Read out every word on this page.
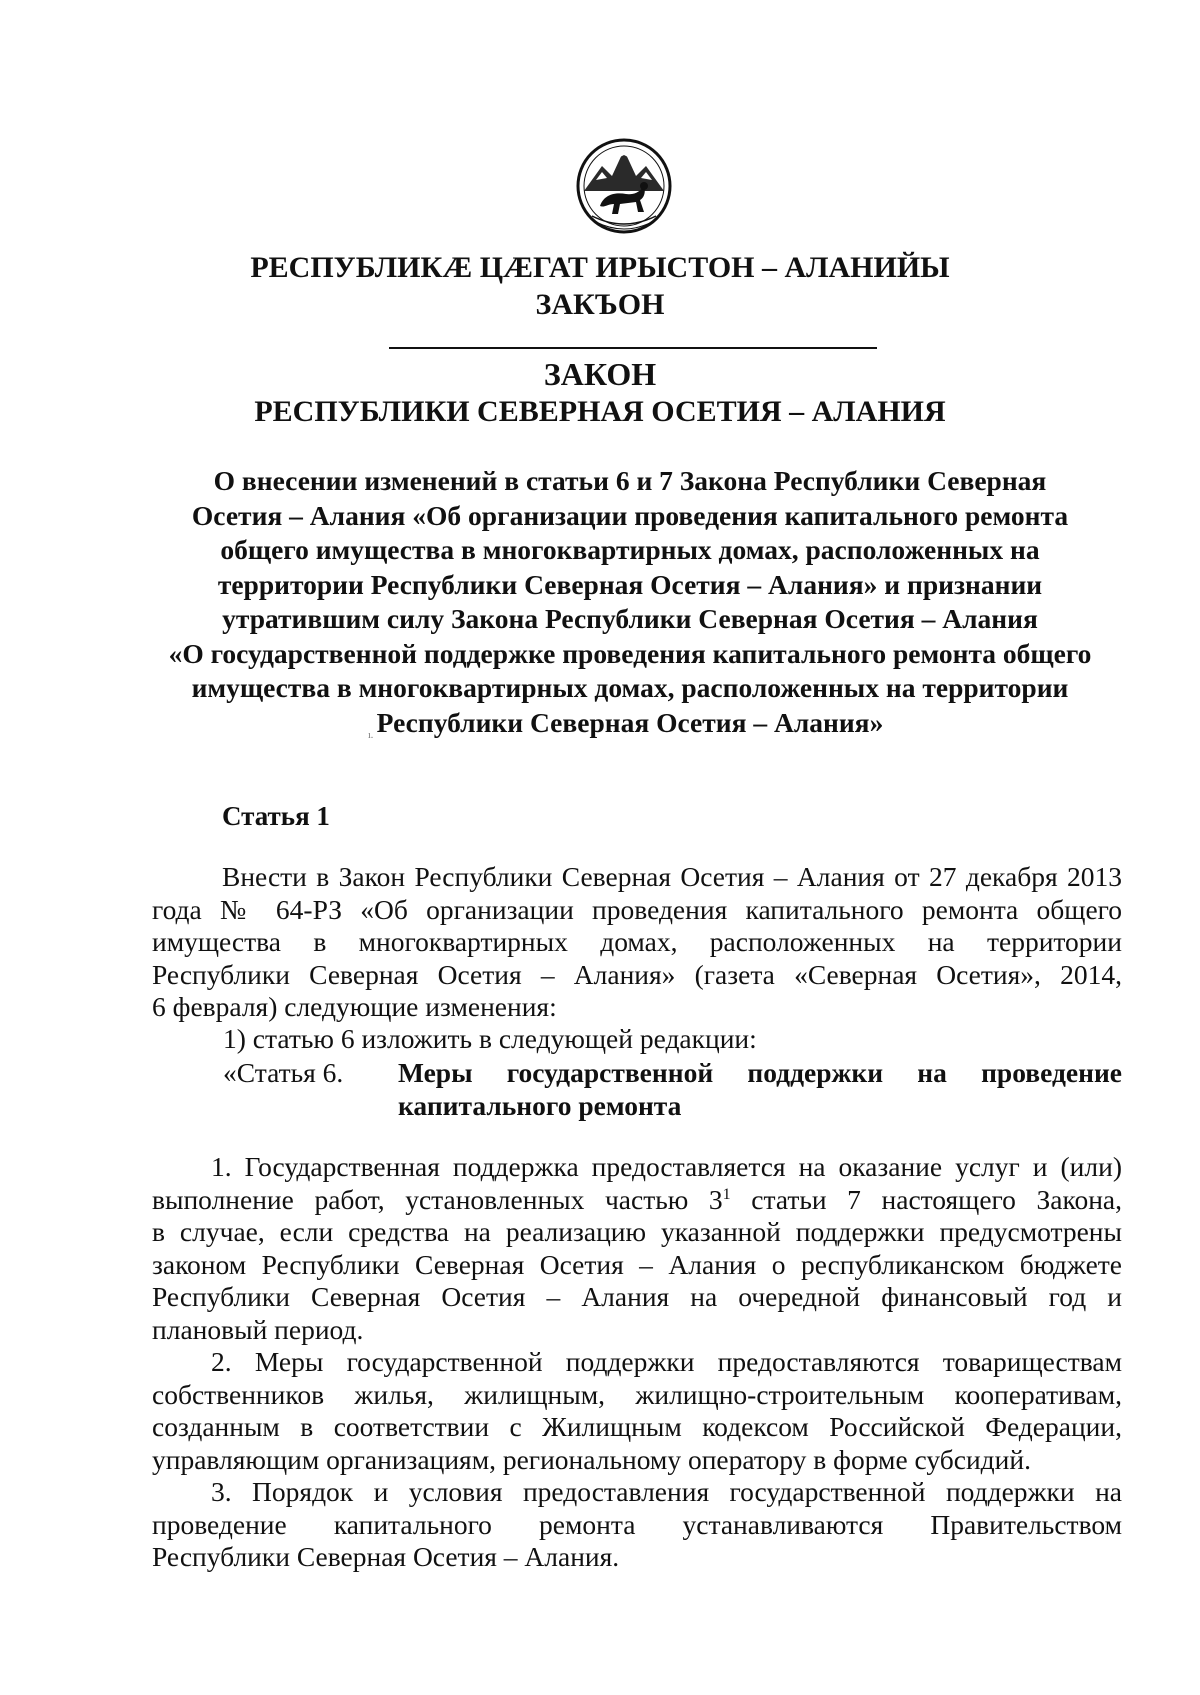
РЕСПУБЛИКӔ ЦӔГАТ ИРЫСТОН – АЛАНИЙЫ
ЗАКЪОН
ЗАКОН
РЕСПУБЛИКИ СЕВЕРНАЯ ОСЕТИЯ – АЛАНИЯ
О внесении изменений в статьи 6 и 7 Закона Республики Северная
Осетия – Алания «Об организации проведения капитального ремонта
общего имущества в многоквартирных домах, расположенных на
территории Республики Северная Осетия – Алания» и признании
утратившим силу Закона Республики Северная Осетия – Алания
«О государственной поддержке проведения капитального ремонта общего
имущества в многоквартирных домах, расположенных на территории
Республики Северная Осетия – Алания»
ı.
Статья 1
Внести в Закон Республики Северная Осетия – Алания от 27 декабря 2013
года № 64-РЗ «Об организации проведения капитального ремонта общего
имущества в многоквартирных домах, расположенных на территории
Республики Северная Осетия – Алания» (газета «Северная Осетия», 2014,
6 февраля) следующие изменения:
1) статью 6 изложить в следующей редакции:
«Статья 6. Меры государственной поддержки на проведение
капитального ремонта
1. Государственная поддержка предоставляется на оказание услуг и (или)
выполнение работ, установленных частью $3^1$ статьи 7 настоящего Закона,
в случае, если средства на реализацию указанной поддержки предусмотрены
законом Республики Северная Осетия – Алания о республиканском бюджете
Республики Северная Осетия – Алания на очередной финансовый год и
плановый период.
2. Меры государственной поддержки предоставляются товариществам
собственников жилья, жилищным, жилищно-строительным кооперативам,
созданным в соответствии с Жилищным кодексом Российской Федерации,
управляющим организациям, региональному оператору в форме субсидий.
3. Порядок и условия предоставления государственной поддержки на
проведение капитального ремонта устанавливаются Правительством
Республики Северная Осетия – Алания.
